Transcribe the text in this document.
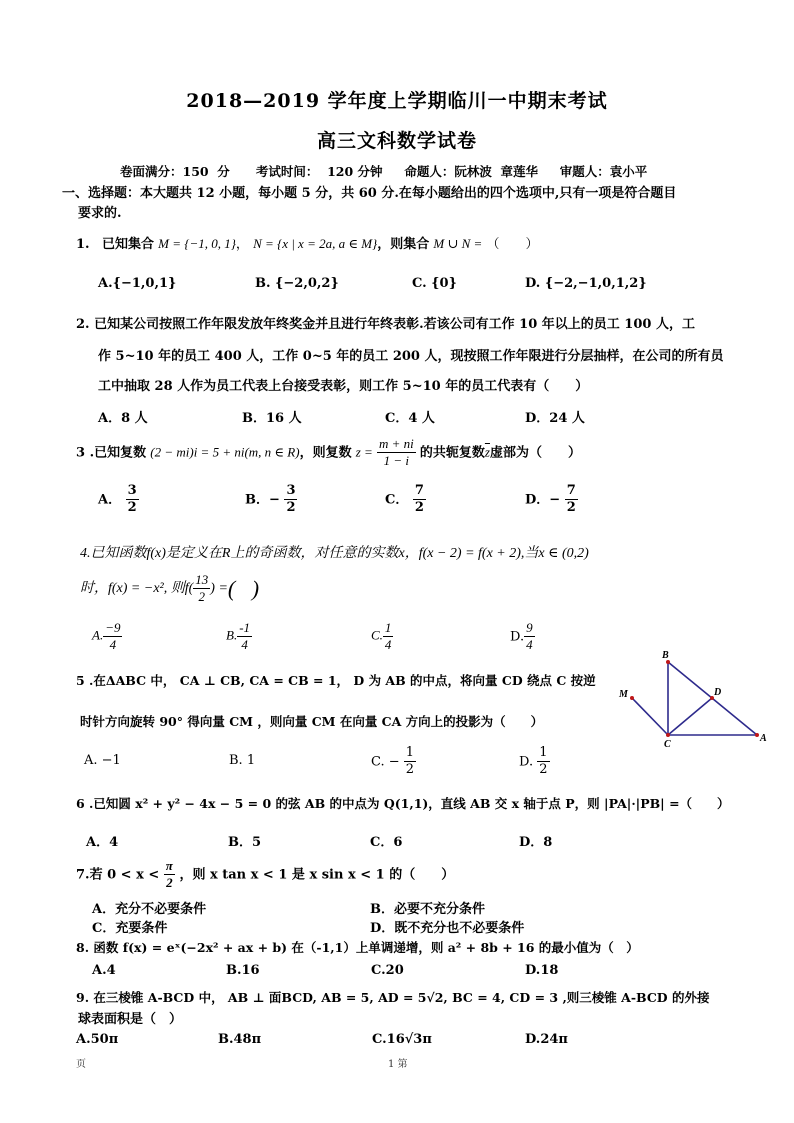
2018—2019 学年度上学期临川一中期末考试
高三文科数学试卷
卷面满分：150  分      考试时间：  120 分钟     命题人：阮林波  章莲华     审题人：袁小平
一、选择题：本大题共 12 小题，每小题 5 分，共 60 分.在每小题给出的四个选项中,只有一项是符合题目
要求的.
1. 已知集合 M = {−1, 0, 1}， N = {x | x = 2a, a ∈ M}，则集合 M ∪ N = （　　）
A.{−1,0,1}	B. {−2,0,2}	C. {0}	D. {−2,−1,0,1,2}
2. 已知某公司按照工作年限发放年终奖金并且进行年终表彰.若该公司有工作 10 年以上的员工 100 人，工
作 5~10 年的员工 400 人，工作 0~5 年的员工 200 人，现按照工作年限进行分层抽样，在公司的所有员
工中抽取 28 人作为员工代表上台接受表彰，则工作 5~10 年的员工代表有（　　）
A．8 人	B．16 人	C．4 人	D．24 人
3 .已知复数 (2 − mi)i = 5 + ni(m, n ∈ R)，则复数 $z = \frac{m + ni}{1 - i}$ 的共轭复数$\overline{z}$虚部为（　　）
A． $\frac{3}{2}$	B．− $\frac{3}{2}$	C． $\frac{7}{2}$	D．− $\frac{7}{2}$
4.已知函数f(x)是定义在R上的奇函数，对任意的实数x，f(x − 2) = f(x + 2),当x ∈ (0,2)
时，f(x) = −x², 则$f( \frac{13}{2}$ ) =(   )
A. $\frac{-9}{4}$	B. $\frac{-1}{4}$	C. $\frac{1}{4}$	D. $\frac{9}{4}$
5 .在ΔABC 中， CA ⊥ CB, CA = CB = 1， D 为 AB 的中点，将向量 CD 绕点 C 按逆
时针方向旋转 90° 得向量 CM ，则向量 CM 在向量 CA 方向上的投影为（　　）
A. −1	B. 1	C. − $\frac{1}{2}$	D. $\frac{1}{2}$
B
D
M
C
A
6 .已知圆 x² + y² − 4x − 5 = 0 的弦 AB 的中点为 Q(1,1)，直线 AB 交 x 轴于点 P，则 |PA|·|PB| =（　　）
A．4	B．5	C．6	D．8
7.若 $0 < x < \frac{\pi}{2}$ ，则 x tan x < 1 是 x sin x < 1 的（　　）
A．充分不必要条件	B．必要不充分条件
C．充要条件	D．既不充分也不必要条件
8. 函数 f(x) = eˣ(−2x² + ax + b) 在（-1,1）上单调递增，则 a² + 8b + 16 的最小值为（　）
A.4	B.16	C.20	D.18
9. 在三棱锥 A-BCD 中， AB ⊥ 面BCD, AB = 5, AD = 5√2, BC = 4, CD = 3 ,则三棱锥 A-BCD 的外接
球表面积是（　）
A.50π	B.48π	C.16√3π	D.24π
页	1 第
